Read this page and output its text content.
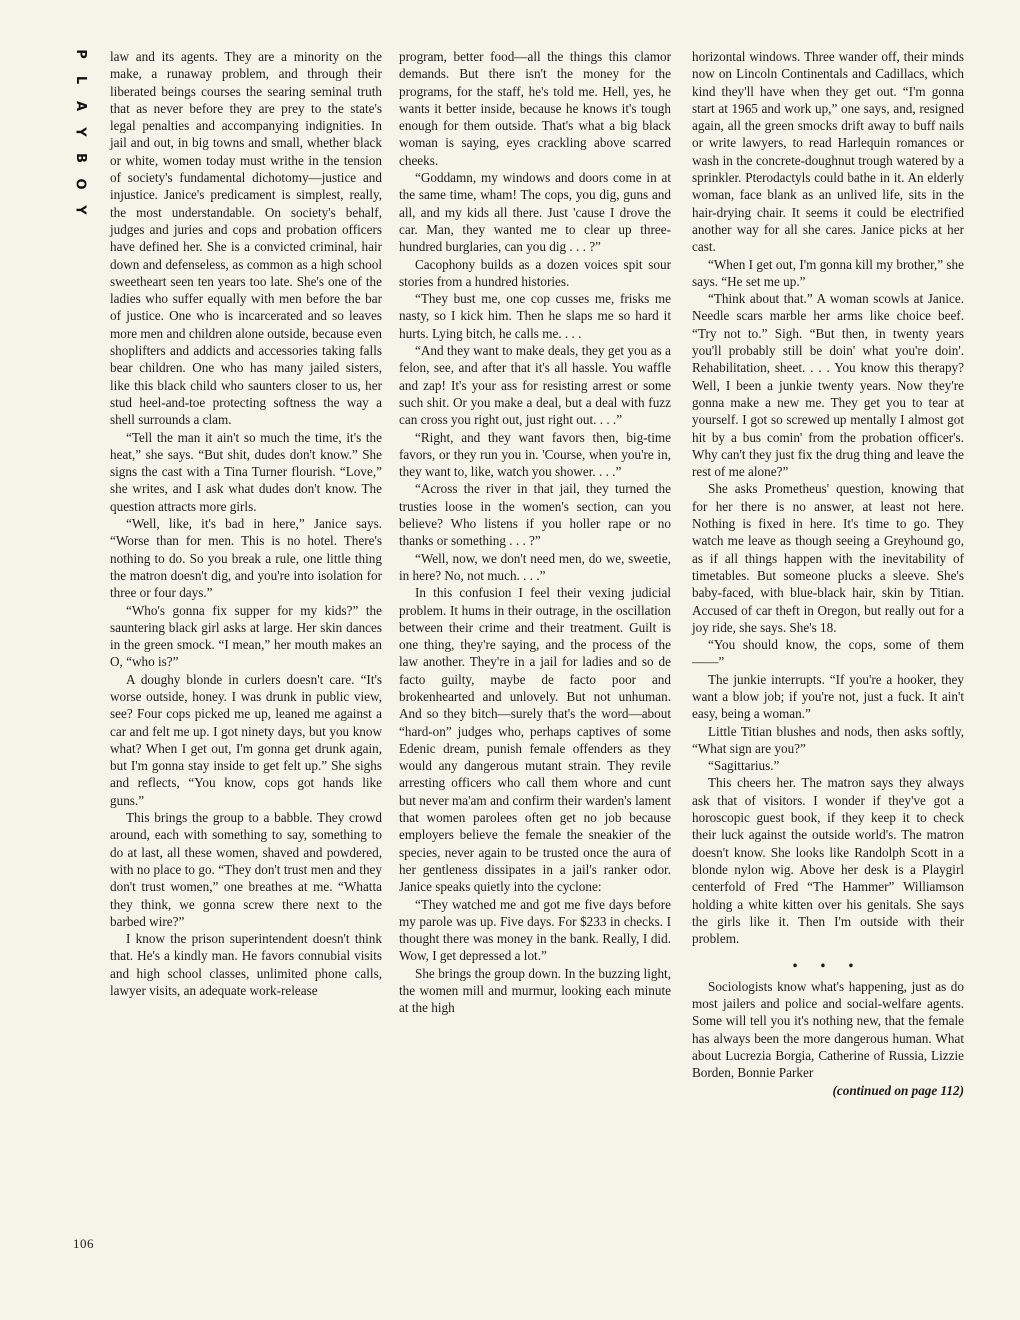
P
L
A
Y
B
O
Y
106

law and its agents. They are a minority on the make, a runaway problem, and through their liberated beings courses the searing seminal truth that as never before they are prey to the state's legal penalties and accompanying indignities. In jail and out, in big towns and small, whether black or white, women today must writhe in the tension of society's fundamental dichotomy—justice and injustice. Janice's predicament is simplest, really, the most understandable. On society's behalf, judges and juries and cops and probation officers have defined her. She is a convicted criminal, hair down and defenseless, as common as a high school sweetheart seen ten years too late. She's one of the ladies who suffer equally with men before the bar of justice. One who is incarcerated and so leaves more men and children alone outside, because even shoplifters and addicts and accessories taking falls bear children. One who has many jailed sisters, like this black child who saunters closer to us, her stud heel-and-toe protecting softness the way a shell surrounds a clam.

“Tell the man it ain't so much the time, it's the heat,” she says. “But shit, dudes don't know.” She signs the cast with a Tina Turner flourish. “Love,” she writes, and I ask what dudes don't know. The question attracts more girls.

“Well, like, it's bad in here,” Janice says. “Worse than for men. This is no hotel. There's nothing to do. So you break a rule, one little thing the matron doesn't dig, and you're into isolation for three or four days.”

“Who's gonna fix supper for my kids?” the sauntering black girl asks at large. Her skin dances in the green smock. “I mean,” her mouth makes an O, “who is?”

A doughy blonde in curlers doesn't care. “It's worse outside, honey. I was drunk in public view, see? Four cops picked me up, leaned me against a car and felt me up. I got ninety days, but you know what? When I get out, I'm gonna get drunk again, but I'm gonna stay inside to get felt up.” She sighs and reflects, “You know, cops got hands like guns.”

This brings the group to a babble. They crowd around, each with something to say, something to do at last, all these women, shaved and powdered, with no place to go. “They don't trust men and they don't trust women,” one breathes at me. “Whatta they think, we gonna screw there next to the barbed wire?”

I know the prison superintendent doesn't think that. He's a kindly man. He favors connubial visits and high school classes, unlimited phone calls, lawyer visits, an adequate work-release

program, better food—all the things this clamor demands. But there isn't the money for the programs, for the staff, he's told me. Hell, yes, he wants it better inside, because he knows it's tough enough for them outside. That's what a big black woman is saying, eyes crackling above scarred cheeks.

“Goddamn, my windows and doors come in at the same time, wham! The cops, you dig, guns and all, and my kids all there. Just 'cause I drove the car. Man, they wanted me to clear up three-hundred burglaries, can you dig . . . ?”

Cacophony builds as a dozen voices spit sour stories from a hundred histories.

“They bust me, one cop cusses me, frisks me nasty, so I kick him. Then he slaps me so hard it hurts. Lying bitch, he calls me. . . .

“And they want to make deals, they get you as a felon, see, and after that it's all hassle. You waffle and zap! It's your ass for resisting arrest or some such shit. Or you make a deal, but a deal with fuzz can cross you right out, just right out. . . .”

“Right, and they want favors then, big-time favors, or they run you in. 'Course, when you're in, they want to, like, watch you shower. . . .”

“Across the river in that jail, they turned the trusties loose in the women's section, can you believe? Who listens if you holler rape or no thanks or something . . . ?”

“Well, now, we don't need men, do we, sweetie, in here? No, not much. . . .”

In this confusion I feel their vexing judicial problem. It hums in their outrage, in the oscillation between their crime and their treatment. Guilt is one thing, they're saying, and the process of the law another. They're in a jail for ladies and so de facto guilty, maybe de facto poor and brokenhearted and unlovely. But not unhuman. And so they bitch—surely that's the word—about “hard-on” judges who, perhaps captives of some Edenic dream, punish female offenders as they would any dangerous mutant strain. They revile arresting officers who call them whore and cunt but never ma'am and confirm their warden's lament that women parolees often get no job because employers believe the female the sneakier of the species, never again to be trusted once the aura of her gentleness dissipates in a jail's ranker odor. Janice speaks quietly into the cyclone:

“They watched me and got me five days before my parole was up. Five days. For $233 in checks. I thought there was money in the bank. Really, I did. Wow, I get depressed a lot.”

She brings the group down. In the buzzing light, the women mill and murmur, looking each minute at the high

horizontal windows. Three wander off, their minds now on Lincoln Continentals and Cadillacs, which kind they'll have when they get out. “I'm gonna start at 1965 and work up,” one says, and, resigned again, all the green smocks drift away to buff nails or write lawyers, to read Harlequin romances or wash in the concrete-doughnut trough watered by a sprinkler. Pterodactyls could bathe in it. An elderly woman, face blank as an unlived life, sits in the hair-drying chair. It seems it could be electrified another way for all she cares. Janice picks at her cast.

“When I get out, I'm gonna kill my brother,” she says. “He set me up.”

“Think about that.” A woman scowls at Janice. Needle scars marble her arms like choice beef. “Try not to.” Sigh. “But then, in twenty years you'll probably still be doin' what you're doin'. Rehabilitation, sheet. . . . You know this therapy? Well, I been a junkie twenty years. Now they're gonna make a new me. They get you to tear at yourself. I got so screwed up mentally I almost got hit by a bus comin' from the probation officer's. Why can't they just fix the drug thing and leave the rest of me alone?”

She asks Prometheus' question, knowing that for her there is no answer, at least not here. Nothing is fixed in here. It's time to go. They watch me leave as though seeing a Greyhound go, as if all things happen with the inevitability of timetables. But someone plucks a sleeve. She's baby-faced, with blue-black hair, skin by Titian. Accused of car theft in Oregon, but really out for a joy ride, she says. She's 18.

“You should know, the cops, some of them——”

The junkie interrupts. “If you're a hooker, they want a blow job; if you're not, just a fuck. It ain't easy, being a woman.”

Little Titian blushes and nods, then asks softly, “What sign are you?”

“Sagittarius.”

This cheers her. The matron says they always ask that of visitors. I wonder if they've got a horoscopic guest book, if they keep it to check their luck against the outside world's. The matron doesn't know. She looks like Randolph Scott in a blonde nylon wig. Above her desk is a Playgirl centerfold of Fred “The Hammer” Williamson holding a white kitten over his genitals. She says the girls like it. Then I'm outside with their problem.

• • •

Sociologists know what's happening, just as do most jailers and police and social-welfare agents. Some will tell you it's nothing new, that the female has always been the more dangerous human. What about Lucrezia Borgia, Catherine of Russia, Lizzie Borden, Bonnie Parker

(continued on page 112)
